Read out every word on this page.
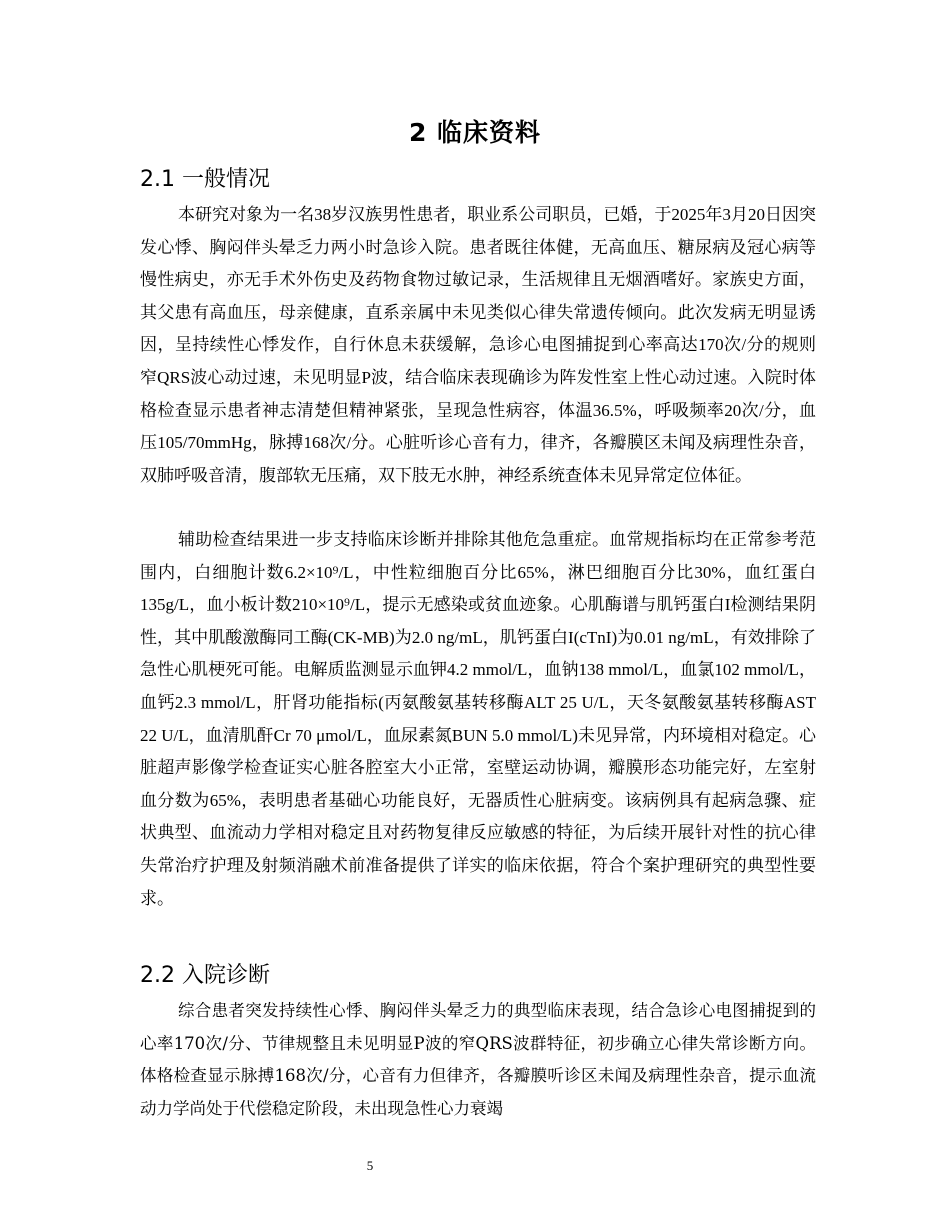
2 临床资料
2.1 一般情况

本研究对象为一名38岁汉族男性患者，职业系公司职员，已婚，于2025年3月20日因突发心悸、胸闷伴头晕乏力两小时急诊入院。患者既往体健，无高血压、糖尿病及冠心病等慢性病史，亦无手术外伤史及药物食物过敏记录，生活规律且无烟酒嗜好。家族史方面，其父患有高血压，母亲健康，直系亲属中未见类似心律失常遗传倾向。此次发病无明显诱因，呈持续性心悸发作，自行休息未获缓解，急诊心电图捕捉到心率高达170次/分的规则窄QRS波心动过速，未见明显P波，结合临床表现确诊为阵发性室上性心动过速。入院时体格检查显示患者神志清楚但精神紧张，呈现急性病容，体温36.5%，呼吸频率20次/分，血压105/70mmHg，脉搏168次/分。心脏听诊心音有力，律齐，各瓣膜区未闻及病理性杂音，双肺呼吸音清，腹部软无压痛，双下肢无水肿，神经系统查体未见异常定位体征。

辅助检查结果进一步支持临床诊断并排除其他危急重症。血常规指标均在正常参考范围内，白细胞计数6.2×10⁹/L，中性粒细胞百分比65%，淋巴细胞百分比30%，血红蛋白135g/L，血小板计数210×10⁹/L，提示无感染或贫血迹象。心肌酶谱与肌钙蛋白I检测结果阴性，其中肌酸激酶同工酶(CK-MB)为2.0 ng/mL，肌钙蛋白I(cTnI)为0.01 ng/mL，有效排除了急性心肌梗死可能。电解质监测显示血钾4.2 mmol/L，血钠138 mmol/L，血氯102 mmol/L，血钙2.3 mmol/L，肝肾功能指标(丙氨酸氨基转移酶ALT 25 U/L，天冬氨酸氨基转移酶AST 22 U/L，血清肌酐Cr 70 μmol/L，血尿素氮BUN 5.0 mmol/L)未见异常，内环境相对稳定。心脏超声影像学检查证实心脏各腔室大小正常，室壁运动协调，瓣膜形态功能完好，左室射血分数为65%，表明患者基础心功能良好，无器质性心脏病变。该病例具有起病急骤、症状典型、血流动力学相对稳定且对药物复律反应敏感的特征，为后续开展针对性的抗心律失常治疗护理及射频消融术前准备提供了详实的临床依据，符合个案护理研究的典型性要求。

2.2 入院诊断

综合患者突发持续性心悸、胸闷伴头晕乏力的典型临床表现，结合急诊心电图捕捉到的心率170次/分、节律规整且未见明显P波的窄QRS波群特征，初步确立心律失常诊断方向。体格检查显示脉搏168次/分，心音有力但律齐，各瓣膜听诊区未闻及病理性杂音，提示血流动力学尚处于代偿稳定阶段，未出现急性心力衰竭

5
